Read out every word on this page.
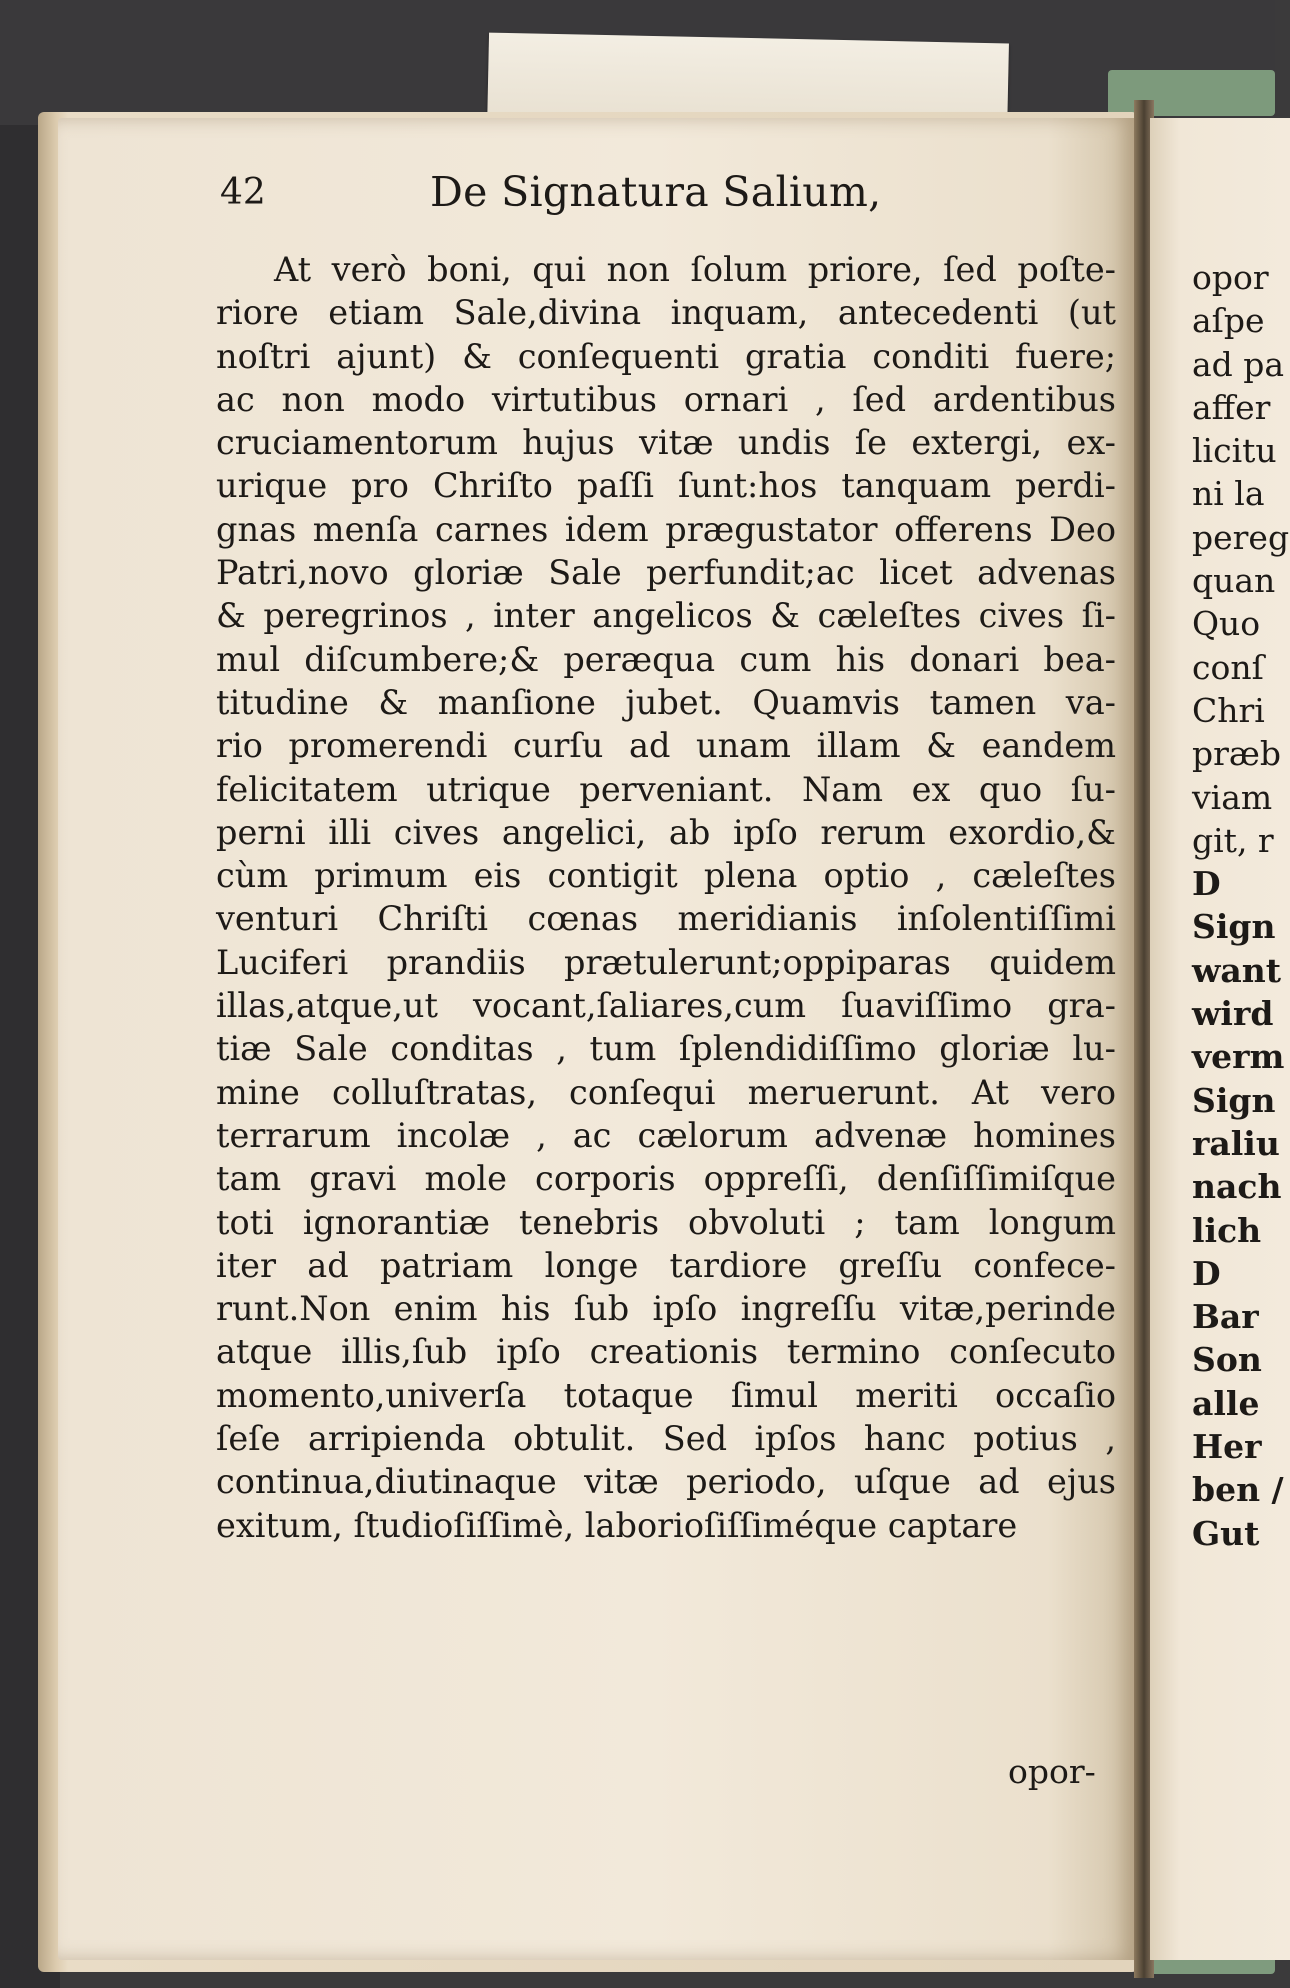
42	De Signatura Salium,
At verò boni, qui non ſolum priore, ſed poſte-
riore etiam Sale,divina inquam, antecedenti (ut
noſtri ajunt) & conſequenti gratia conditi fuere;
ac non modo virtutibus ornari , ſed ardentibus
cruciamentorum hujus vitæ undis ſe extergi, ex-
urique pro Chriſto paſſi ſunt:hos tanquam perdi-
gnas menſa carnes idem prægustator offerens Deo
Patri,novo gloriæ Sale perfundit;ac licet advenas
& peregrinos , inter angelicos & cæleſtes cives ſi-
mul diſcumbere;& peræqua cum his donari bea-
titudine & manſione jubet. Quamvis tamen va-
rio promerendi curſu ad unam illam & eandem
felicitatem utrique perveniant. Nam ex quo ſu-
perni illi cives angelici, ab ipſo rerum exordio,&
cùm primum eis contigit plena optio , cæleſtes
venturi Chriſti cœnas meridianis inſolentiſſimi
Luciferi prandiis prætulerunt;oppiparas quidem
illas,atque,ut vocant,ſaliares,cum ſuaviſſimo gra-
tiæ Sale conditas , tum ſplendidiſſimo gloriæ lu-
mine colluſtratas, conſequi meruerunt. At vero
terrarum incolæ , ac cælorum advenæ homines
tam gravi mole corporis oppreſſi, denſiſſimiſque
toti ignorantiæ tenebris obvoluti ; tam longum
iter ad patriam longe tardiore greſſu confece-
runt.Non enim his ſub ipſo ingreſſu vitæ,perinde
atque illis,ſub ipſo creationis termino conſecuto
momento,univerſa totaque ſimul meriti occaſio
ſeſe arripienda obtulit. Sed ipſos hanc potius ,
continua,diutinaque vitæ periodo, uſque ad ejus
exitum, ſtudioſiſſimè, laborioſiſſiméque captare
opor-
opor
aſpe
ad pa
affer
licitu
ni la
pereg
quan
Quo
conſ
Chri
præb
viam
git, r
D
Sign
want
wird
verm
Sign
raliu
nach
lich
D
Bar
Son
alle
Her
ben /
Gut
